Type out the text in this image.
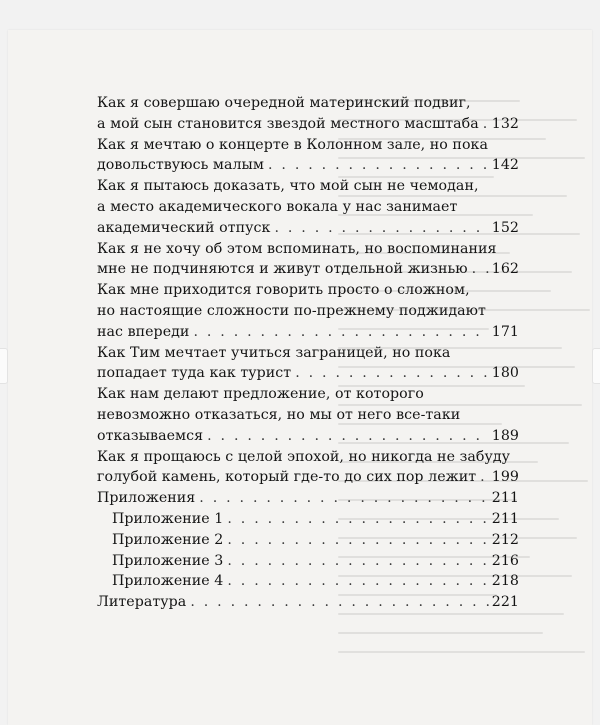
Как я совершаю очередной материнский подвиг,
а мой сын становится звездой местного масштаба . . . 132
Как я мечтаю о концерте в Колонном зале, но пока
довольствуюсь малым . . .	142
Как я пытаюсь доказать, что мой сын не чемодан,
а место академического вокала у нас занимает
академический отпуск . . .	152
Как я не хочу об этом вспоминать, но воспоминания
мне не подчиняются и живут отдельной жизнью . . . 162
Как мне приходится говорить просто о сложном,
но настоящие сложности по-прежнему поджидают
нас впереди . . .	171
Как Тим мечтает учиться заграницей, но пока
попадает туда как турист . . .	180
Как нам делают предложение, от которого
невозможно отказаться, но мы от него все-таки
отказываемся . . .	189
Как я прощаюсь с целой эпохой, но никогда не забуду
голубой камень, который где-то до сих пор лежит . . . 199
Приложения . . .	211
Приложение 1 . . .	211
Приложение 2 . . .	212
Приложение 3 . . .	216
Приложение 4 . . .	218
Литература . . .	221
